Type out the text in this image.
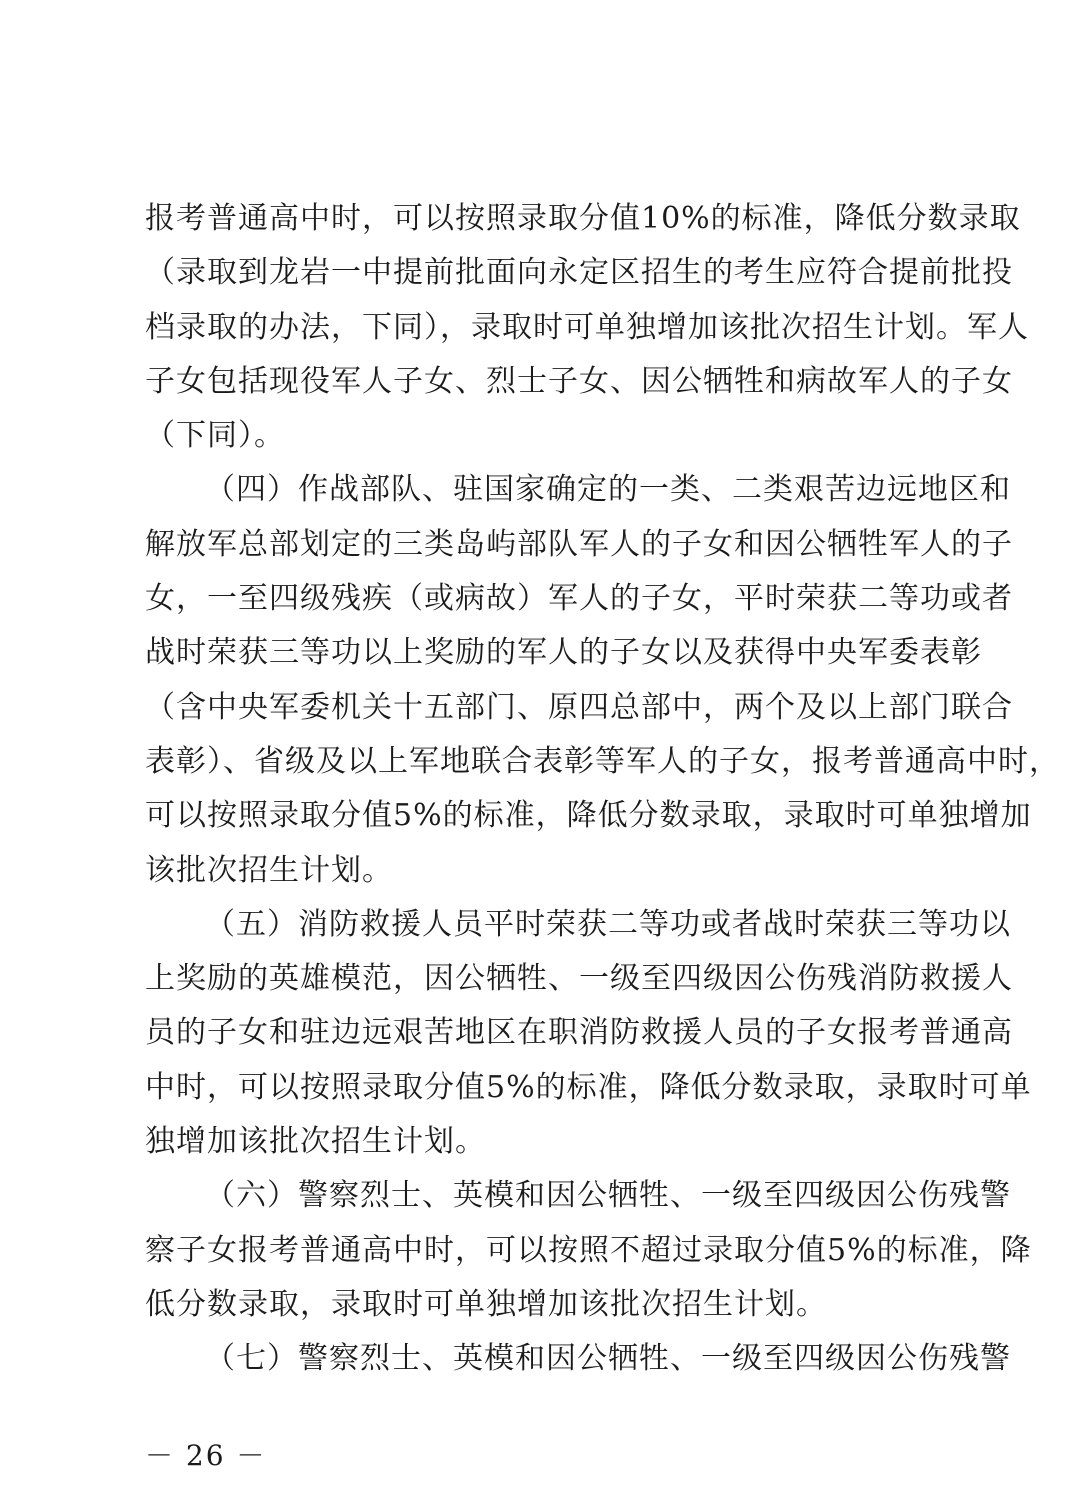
报考普通高中时，可以按照录取分值10%的标准，降低分数录取
（录取到龙岩一中提前批面向永定区招生的考生应符合提前批投
档录取的办法，下同），录取时可单独增加该批次招生计划。军人
子女包括现役军人子女、烈士子女、因公牺牲和病故军人的子女
（下同）。
（四）作战部队、驻国家确定的一类、二类艰苦边远地区和
解放军总部划定的三类岛屿部队军人的子女和因公牺牲军人的子
女，一至四级残疾（或病故）军人的子女，平时荣获二等功或者
战时荣获三等功以上奖励的军人的子女以及获得中央军委表彰
（含中央军委机关十五部门、原四总部中，两个及以上部门联合
表彰）、省级及以上军地联合表彰等军人的子女，报考普通高中时，
可以按照录取分值5%的标准，降低分数录取，录取时可单独增加
该批次招生计划。
（五）消防救援人员平时荣获二等功或者战时荣获三等功以
上奖励的英雄模范，因公牺牲、一级至四级因公伤残消防救援人
员的子女和驻边远艰苦地区在职消防救援人员的子女报考普通高
中时，可以按照录取分值5%的标准，降低分数录取，录取时可单
独增加该批次招生计划。
（六）警察烈士、英模和因公牺牲、一级至四级因公伤残警
察子女报考普通高中时，可以按照不超过录取分值5%的标准，降
低分数录取，录取时可单独增加该批次招生计划。
（七）警察烈士、英模和因公牺牲、一级至四级因公伤残警
－ 26 －
